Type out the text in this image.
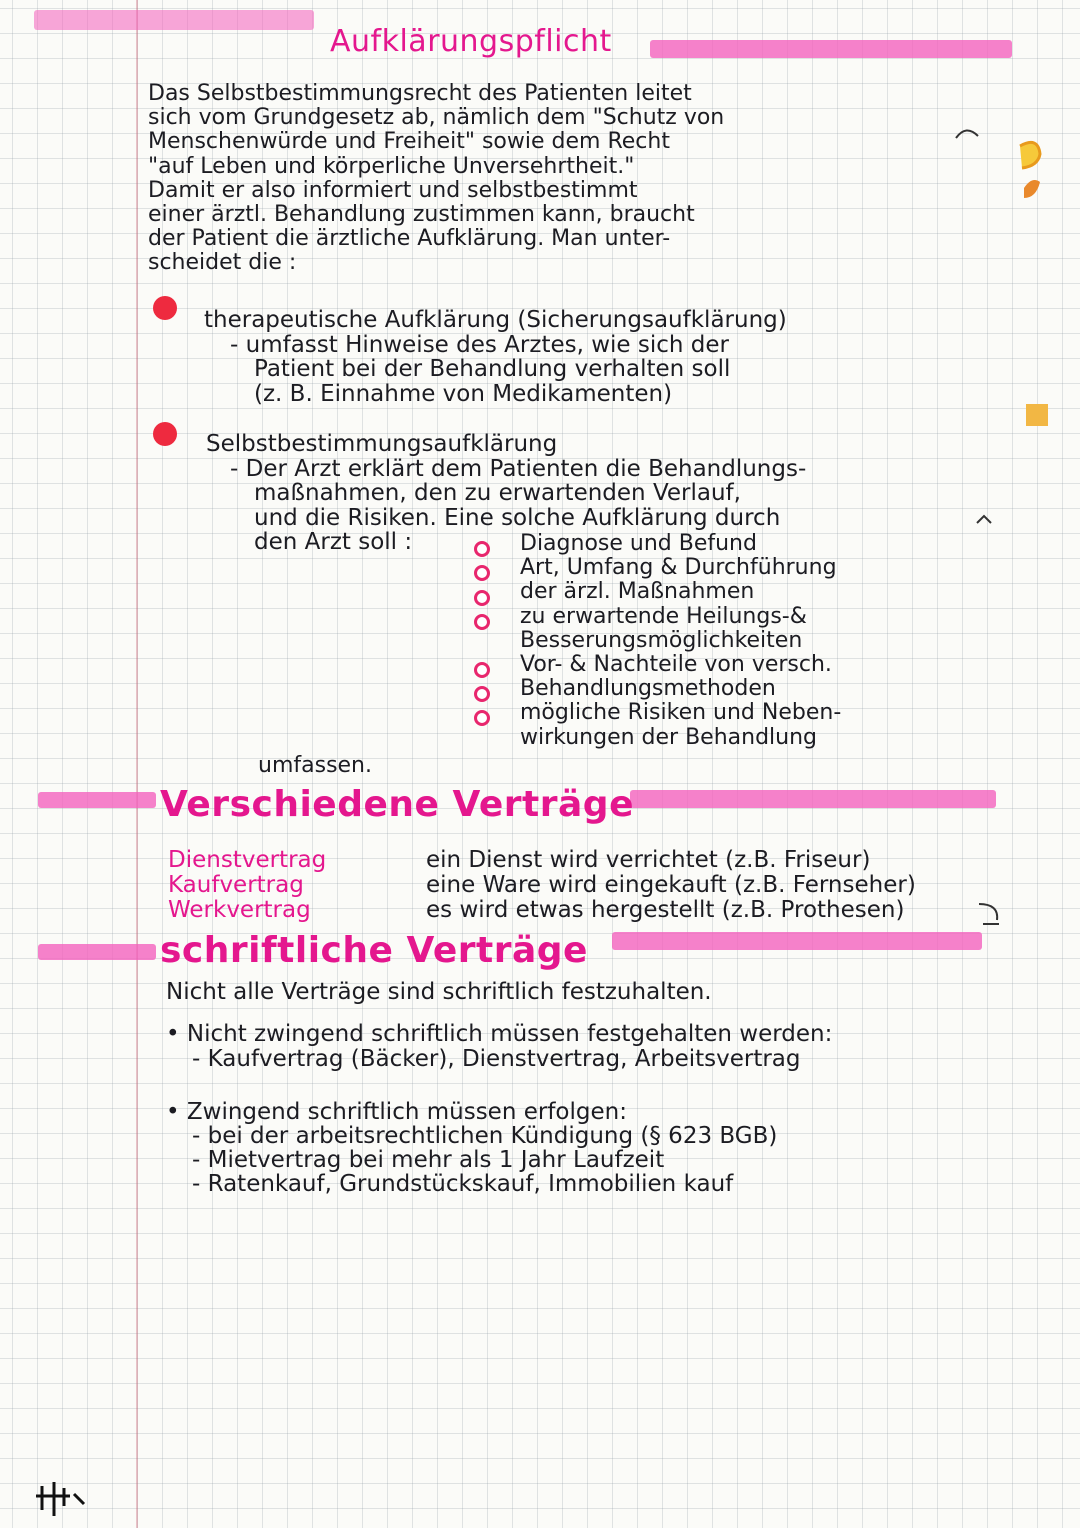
Aufklärungspflicht
Das Selbstbestimmungsrecht des Patienten leitet
sich vom Grundgesetz ab, nämlich dem "Schutz von
Menschenwürde und Freiheit" sowie dem Recht
"auf Leben und körperliche Unversehrtheit."
Damit er also informiert und selbstbestimmt
einer ärztl. Behandlung zustimmen kann, braucht
der Patient die ärztliche Aufklärung. Man unter-
scheidet die :
therapeutische Aufklärung (Sicherungsaufklärung)
- umfasst Hinweise des Arztes, wie sich der
Patient bei der Behandlung verhalten soll
(z. B. Einnahme von Medikamenten)
Selbstbestimmungsaufklärung
- Der Arzt erklärt dem Patienten die Behandlungs-
maßnahmen, den zu erwartenden Verlauf,
und die Risiken. Eine solche Aufklärung durch
den Arzt soll :	Diagnose und Befund
Art, Umfang & Durchführung
der ärzl. Maßnahmen
zu erwartende Heilungs-&
Besserungsmöglichkeiten
Vor- & Nachteile von versch.
Behandlungsmethoden
mögliche Risiken und Neben-
wirkungen der Behandlung
umfassen.
Verschiedene Verträge
Dienstvertrag	ein Dienst wird verrichtet (z.B. Friseur)
Kaufvertrag	eine Ware wird eingekauft (z.B. Fernseher)
Werkvertrag	es wird etwas hergestellt (z.B. Prothesen)
schriftliche Verträge
Nicht alle Verträge sind schriftlich festzuhalten.
• Nicht zwingend schriftlich müssen festgehalten werden:
- Kaufvertrag (Bäcker), Dienstvertrag, Arbeitsvertrag
• Zwingend schriftlich müssen erfolgen:
- bei der arbeitsrechtlichen Kündigung (§ 623 BGB)
- Mietvertrag bei mehr als 1 Jahr Laufzeit
- Ratenkauf, Grundstückskauf, Immobilien kauf
